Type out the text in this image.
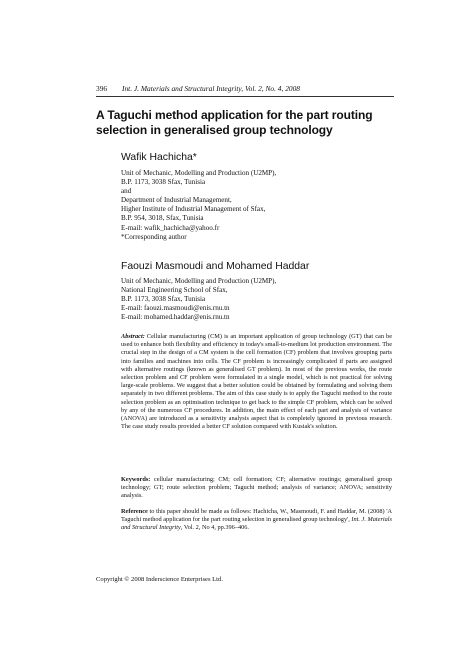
396 Int. J. Materials and Structural Integrity, Vol. 2, No. 4, 2008
A Taguchi method application for the part routing selection in generalised group technology
Wafik Hachicha*
Unit of Mechanic, Modelling and Production (U2MP),
B.P. 1173, 3038 Sfax, Tunisia
and
Department of Industrial Management,
Higher Institute of Industrial Management of Sfax,
B.P. 954, 3018, Sfax, Tunisia
E-mail: wafik_hachicha@yahoo.fr
*Corresponding author
Faouzi Masmoudi and Mohamed Haddar
Unit of Mechanic, Modelling and Production (U2MP),
National Engineering School of Sfax,
B.P. 1173, 3038 Sfax, Tunisia
E-mail: faouzi.masmoudi@enis.rnu.tn
E-mail: mohamed.haddar@enis.rnu.tn
Abstract: Cellular manufacturing (CM) is an important application of group technology (GT) that can be used to enhance both flexibility and efficiency in today's small-to-medium lot production environment. The crucial step in the design of a CM system is the cell formation (CF) problem that involves grouping parts into families and machines into cells. The CF problem is increasingly complicated if parts are assigned with alternative routings (known as generalised GT problem). In most of the previous works, the route selection problem and CF problem were formulated in a single model, which is not practical for solving large-scale problems. We suggest that a better solution could be obtained by formulating and solving them separately in two different problems. The aim of this case study is to apply the Taguchi method to the route selection problem as an optimisation technique to get back to the simple CF problem, which can be solved by any of the numerous CF procedures. In addition, the main effect of each part and analysis of variance (ANOVA) are introduced as a sensitivity analysis aspect that is completely ignored in previous research. The case study results provided a better CF solution compared with Kusiak's solution.
Keywords: cellular manufacturing; CM; cell formation; CF; alternative routings; generalised group technology; GT; route selection problem; Taguchi method; analysis of variance; ANOVA; sensitivity analysis.
Reference to this paper should be made as follows: Hachicha, W., Masmoudi, F. and Haddar, M. (2008) 'A Taguchi method application for the part routing selection in generalised group technology', Int. J. Materials and Structural Integrity, Vol. 2, No 4, pp.396–406.
Copyright © 2008 Inderscience Enterprises Ltd.
